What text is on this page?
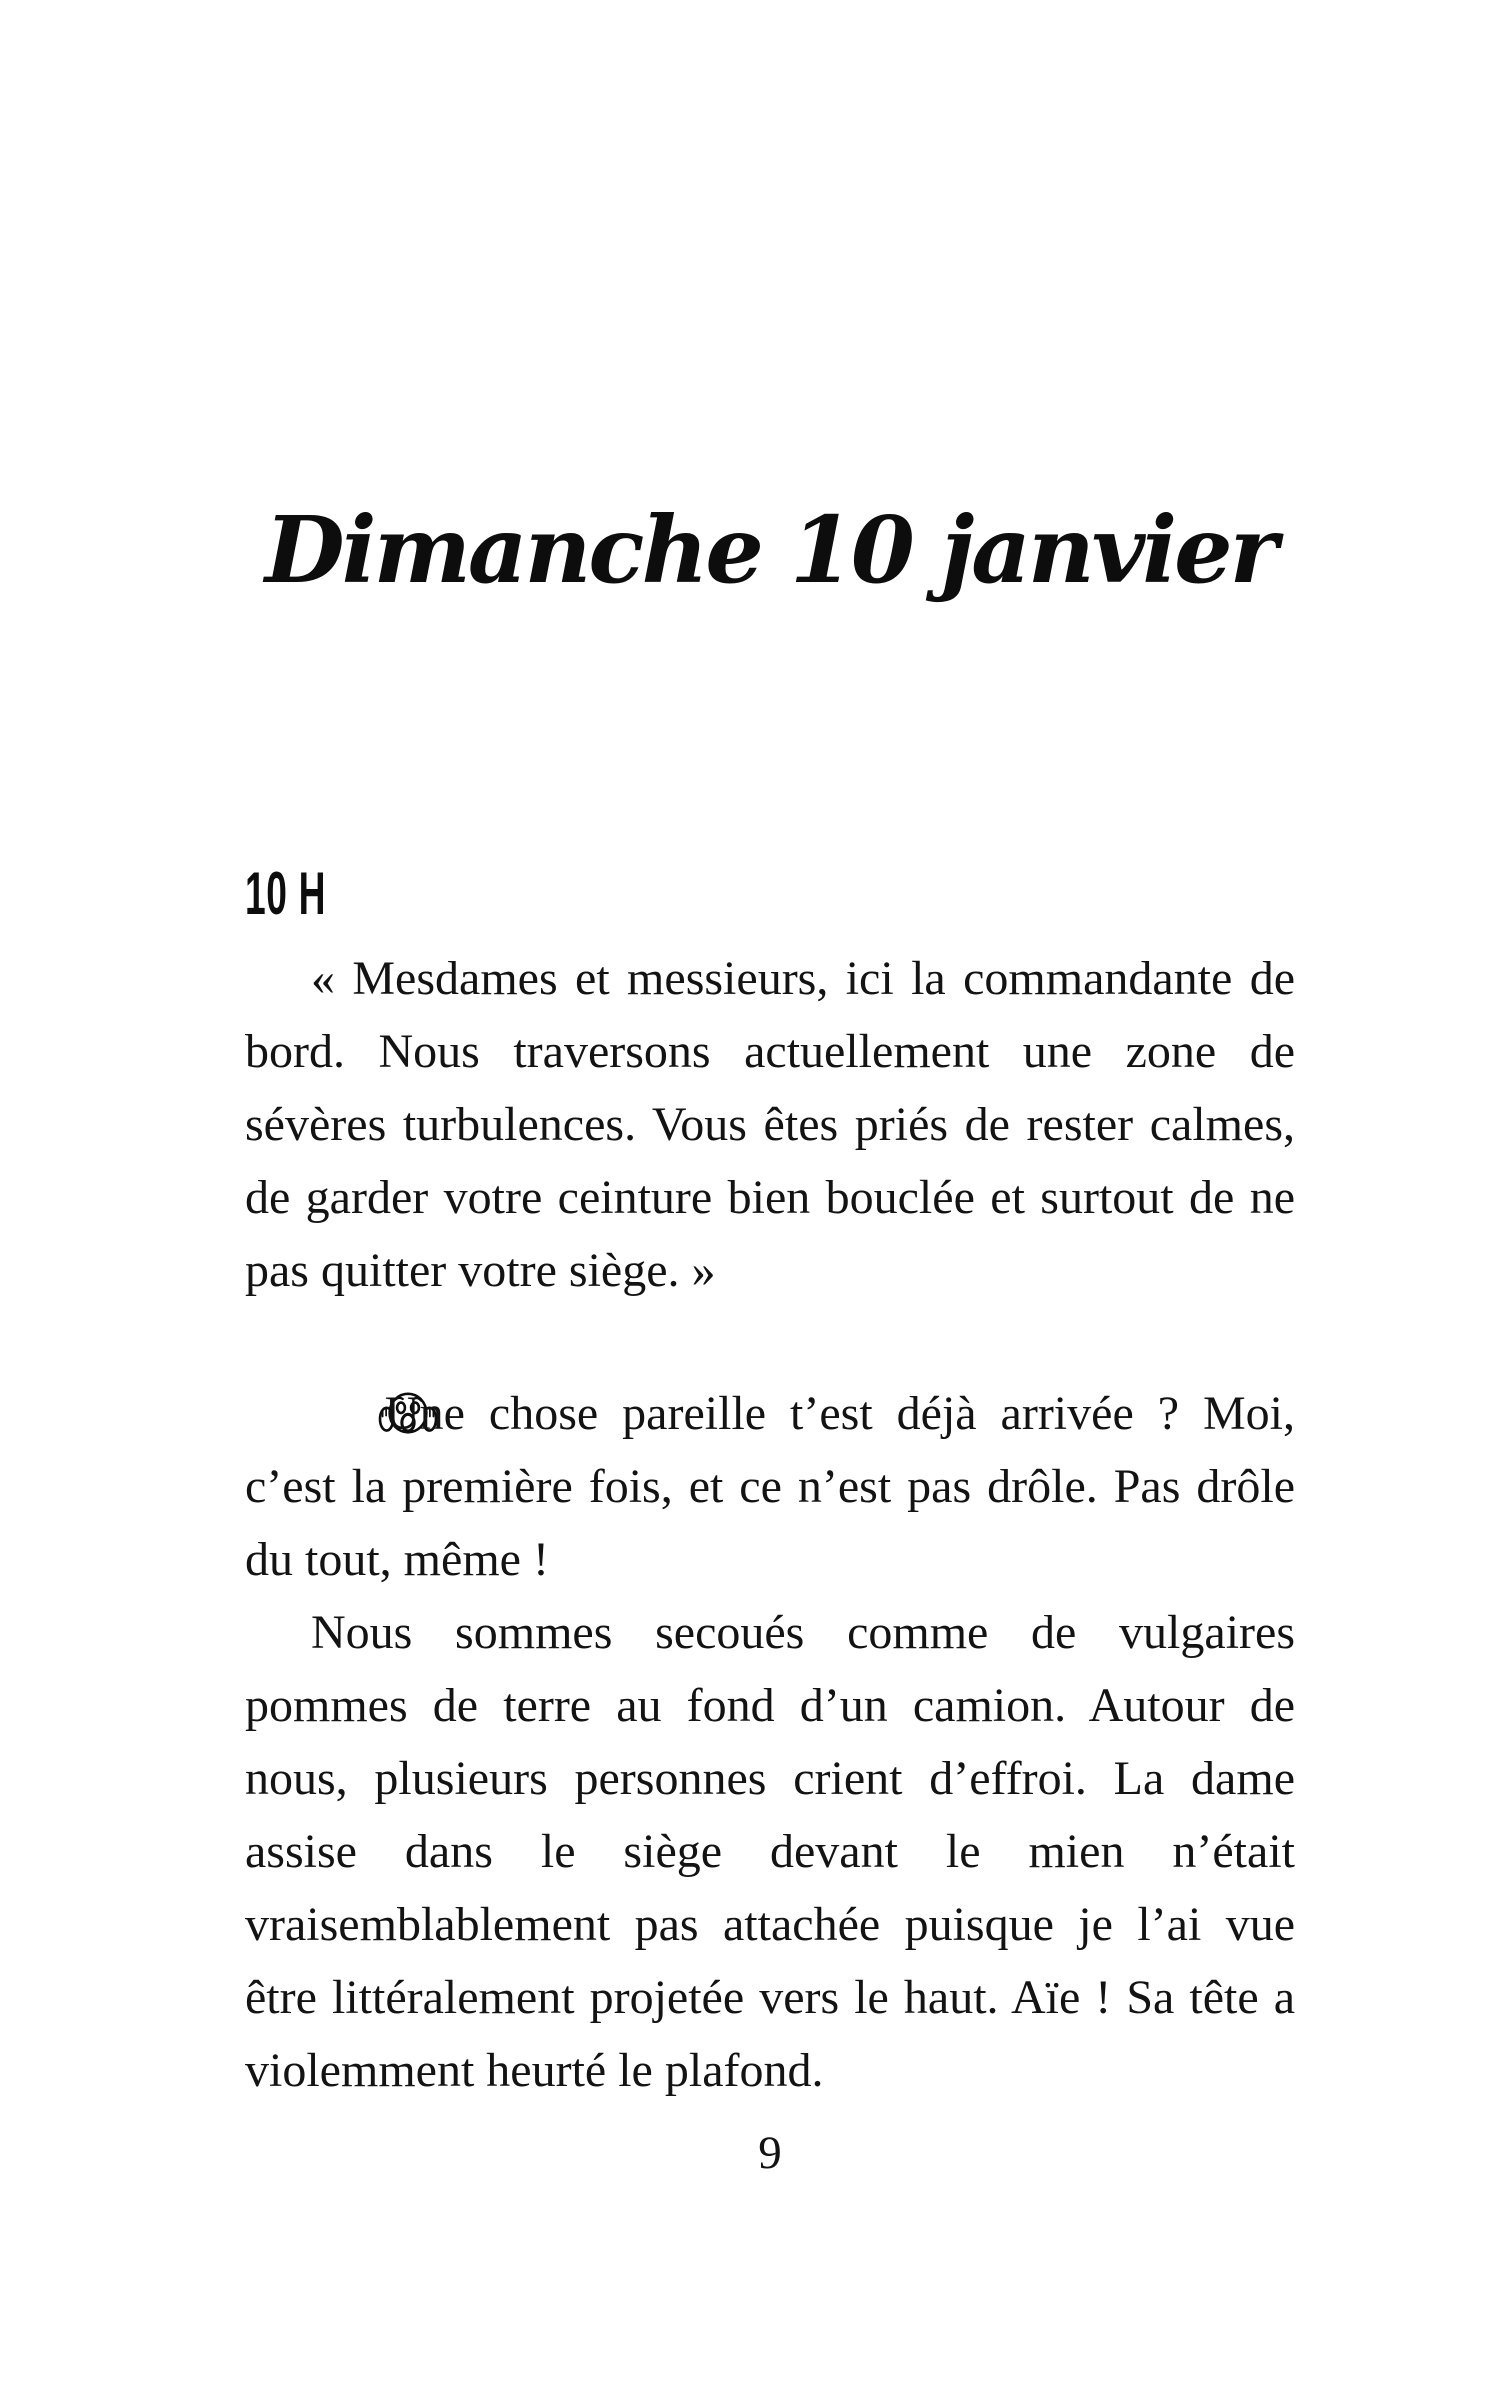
Dimanche 10 janvier
10 H

« Mesdames et messieurs, ici la commandante de bord. Nous traversons actuellement une zone de sévères turbulences. Vous êtes priés de rester calmes, de garder votre ceinture bien bouclée et surtout de ne pas quitter votre siège. »

Une chose pareille t’est déjà arrivée ? Moi, c’est la première fois, et ce n’est pas drôle. Pas drôle du tout, même !

Nous sommes secoués comme de vulgaires pommes de terre au fond d’un camion. Autour de nous, plusieurs personnes crient d’effroi. La dame assise dans le siège devant le mien n’était vraisemblablement pas attachée puisque je l’ai vue être littéralement projetée vers le haut. Aïe ! Sa tête a violemment heurté le plafond.

9
